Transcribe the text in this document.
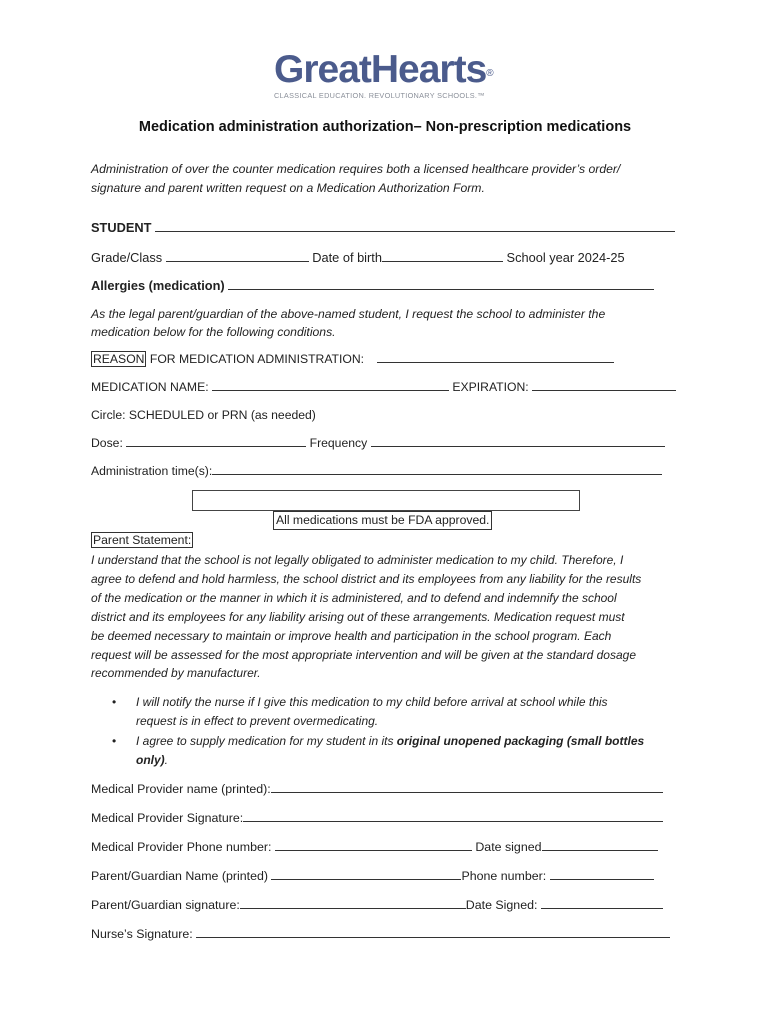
GreatHearts®
CLASSICAL EDUCATION. REVOLUTIONARY SCHOOLS.™
Medication administration authorization– Non-prescription medications
Administration of over the counter medication requires both a licensed healthcare provider’s order/
signature and parent written request on a Medication Authorization Form.
STUDENT
Grade/Class	Date of birth	School year 2024-25
Allergies (medication)
As the legal parent/guardian of the above-named student, I request the school to administer the
medication below for the following conditions.
REASON FOR MEDICATION ADMINISTRATION:
MEDICATION NAME:	EXPIRATION:
Circle: SCHEDULED or PRN (as needed)
Dose:	Frequency
Administration time(s):
All medications must be FDA approved.
Parent Statement:
I understand that the school is not legally obligated to administer medication to my child. Therefore, I
agree to defend and hold harmless, the school district and its employees from any liability for the results
of the medication or the manner in which it is administered, and to defend and indemnify the school
district and its employees for any liability arising out of these arrangements. Medication request must
be deemed necessary to maintain or improve health and participation in the school program. Each
request will be assessed for the most appropriate intervention and will be given at the standard dosage
recommended by manufacturer.
• I will notify the nurse if I give this medication to my child before arrival at school while this
request is in effect to prevent overmedicating.
• I agree to supply medication for my student in its original unopened packaging (small bottles
only).
Medical Provider name (printed):
Medical Provider Signature:
Medical Provider Phone number:	Date signed
Parent/Guardian Name (printed)	Phone number:
Parent/Guardian signature:	Date Signed:
Nurse’s Signature:
